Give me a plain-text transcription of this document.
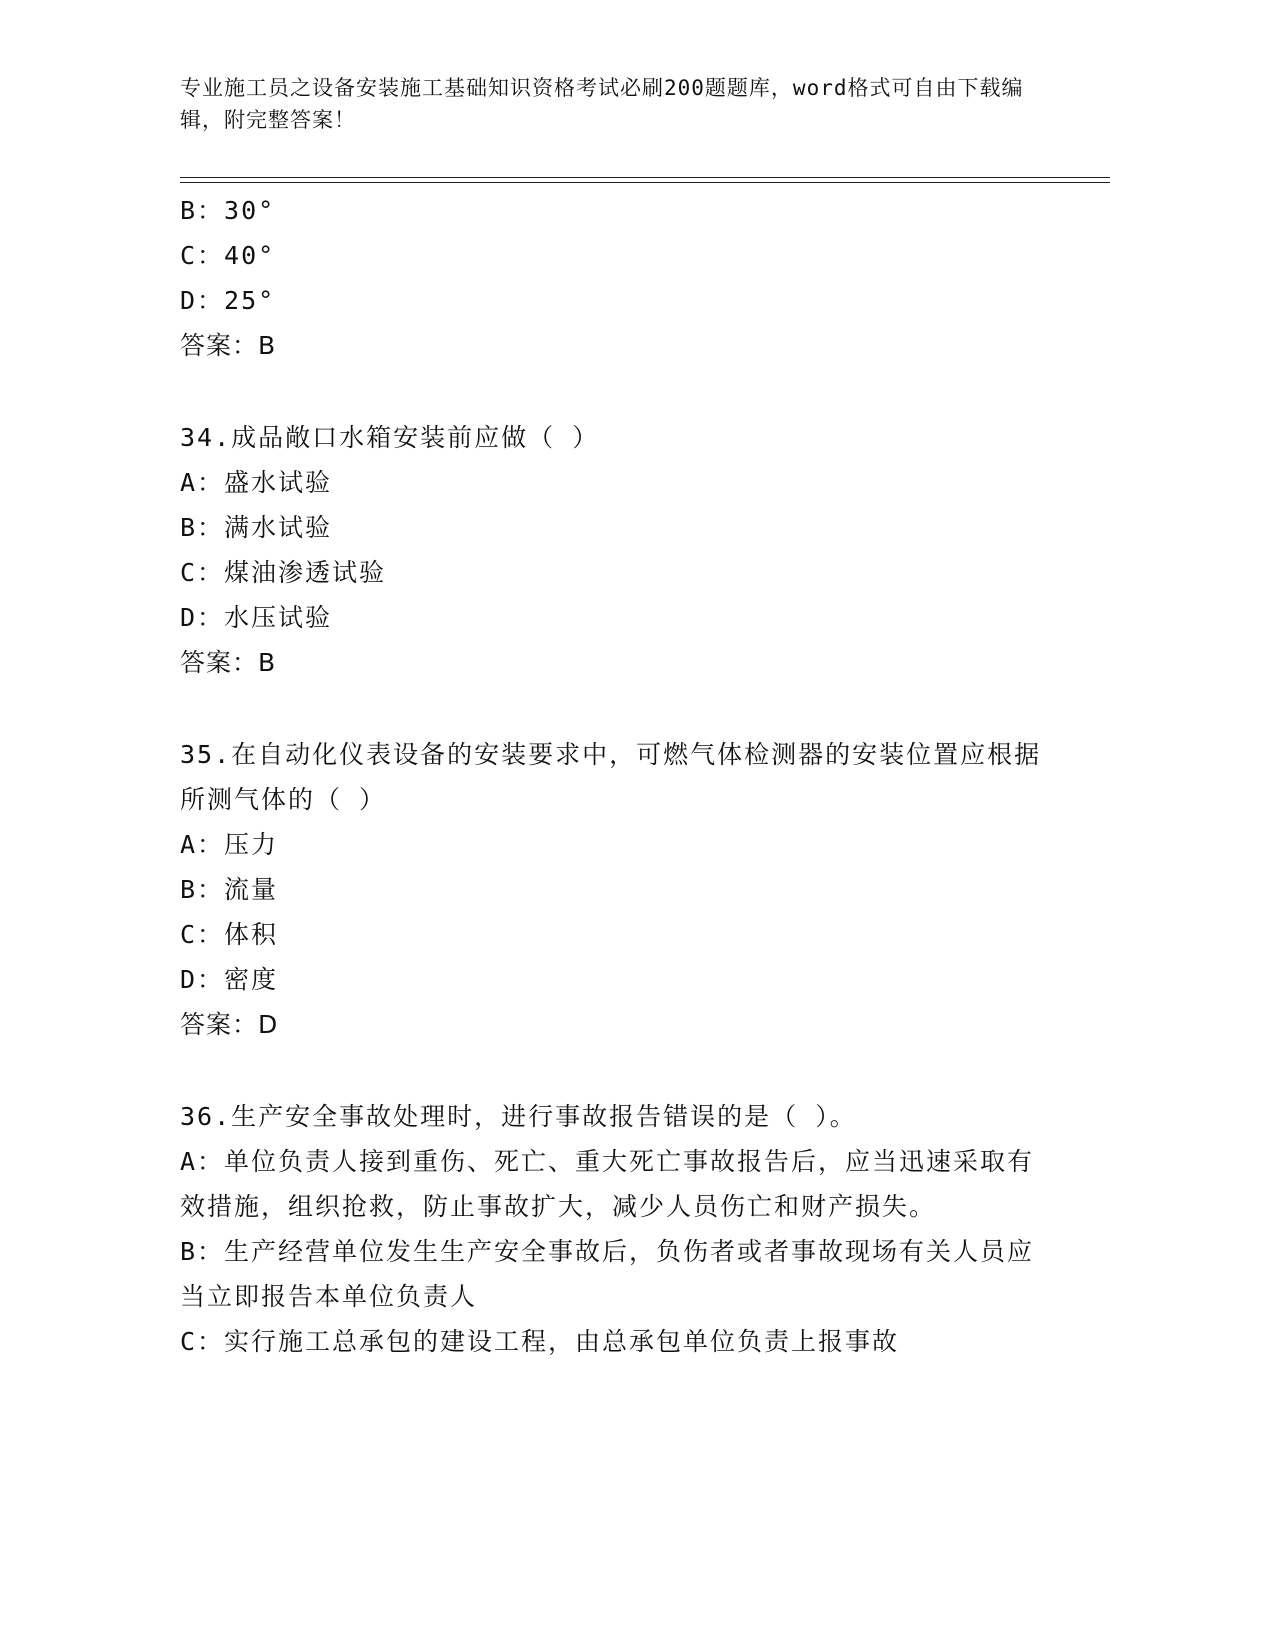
专业施工员之设备安装施工基础知识资格考试必刷200题题库，word格式可自由下载编辑，附完整答案！
B：30°
C：40°
D：25°
答案：B
34.成品敞口水箱安装前应做（ ）
A：盛水试验
B：满水试验
C：煤油渗透试验
D：水压试验
答案：B
35.在自动化仪表设备的安装要求中，可燃气体检测器的安装位置应根据所测气体的（ ）
A：压力
B：流量
C：体积
D：密度
答案：D
36.生产安全事故处理时，进行事故报告错误的是（ ）。
A：单位负责人接到重伤、死亡、重大死亡事故报告后，应当迅速采取有效措施，组织抢救，防止事故扩大，减少人员伤亡和财产损失。
B：生产经营单位发生生产安全事故后，负伤者或者事故现场有关人员应当立即报告本单位负责人
C：实行施工总承包的建设工程，由总承包单位负责上报事故
